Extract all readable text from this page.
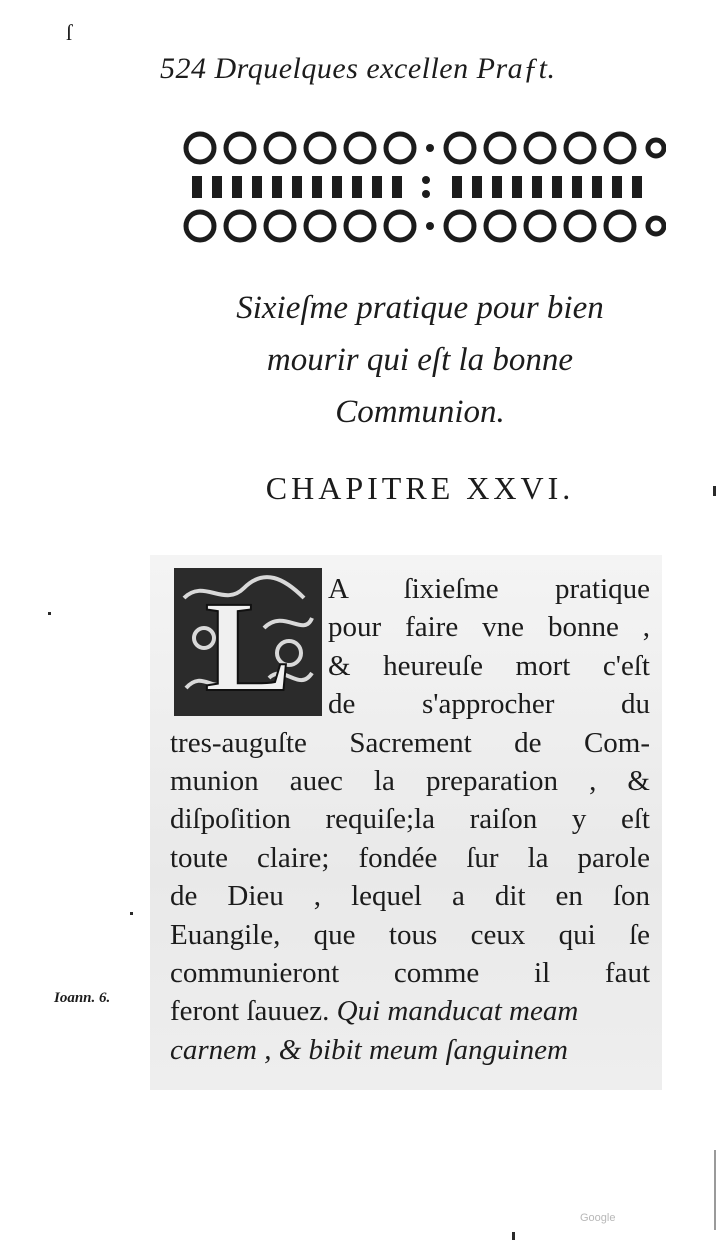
ſ
524 Drquelques excellen Praƒt.
Sixieſme pratique pour bien
mourir qui eſt la bonne
Communion.
CHAPITRE XXVI.
L A ſixieſme pratique
pour faire vne bonne ,
& heureuſe mort c'eſt
de s'approcher du
tres-auguſte Sacrement de Com-
munion auec la preparation , &
diſpoſition requiſe;la raiſon y eſt
toute claire; fondée ſur la parole
de Dieu , lequel a dit en ſon
Euangile, que tous ceux qui ſe
communieront comme il faut
feront ſauuez. Qui manducat meam
carnem , & bibit meum ſanguinem
Ioann. 6.
Google
